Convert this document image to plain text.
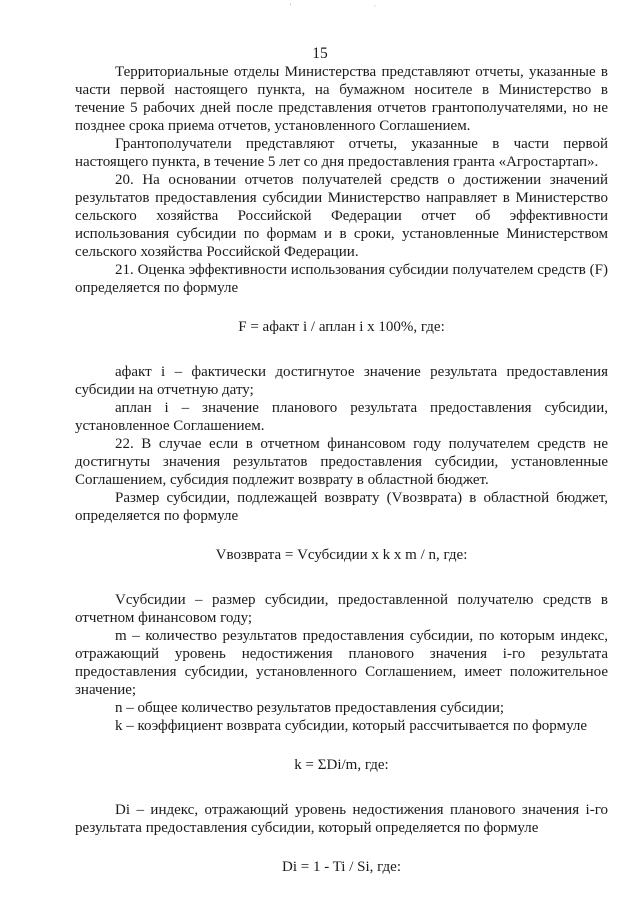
' ·
15

Территориальные отделы Министерства представляют отчеты, указанные в части первой настоящего пункта, на бумажном носителе в Министерство в течение 5 рабочих дней после представления отчетов грантополучателями, но не позднее срока приема отчетов, установленного Соглашением.

Грантополучатели представляют отчеты, указанные в части первой настоящего пункта, в течение 5 лет со дня предоставления гранта «Агростартап».

20. На основании отчетов получателей средств о достижении значений результатов предоставления субсидии Министерство направляет в Министерство сельского хозяйства Российской Федерации отчет об эффективности использования субсидии по формам и в сроки, установленные Министерством сельского хозяйства Российской Федерации.

21. Оценка эффективности использования субсидии получателем средств (F) определяется по формуле

F = афакт i / аплан i х 100%, где:

афакт i – фактически достигнутое значение результата предоставления субсидии на отчетную дату;

аплан i – значение планового результата предоставления субсидии, установленное Соглашением.

22. В случае если в отчетном финансовом году получателем средств не достигнуты значения результатов предоставления субсидии, установленные Соглашением, субсидия подлежит возврату в областной бюджет.

Размер субсидии, подлежащей возврату (Vвозврата) в областной бюджет, определяется по формуле

Vвозврата = Vсубсидии х k х m / n, где:

Vсубсидии – размер субсидии, предоставленной получателю средств в отчетном финансовом году;

m – количество результатов предоставления субсидии, по которым индекс, отражающий уровень недостижения планового значения i-го результата предоставления субсидии, установленного Соглашением, имеет положительное значение;

n – общее количество результатов предоставления субсидии;

k – коэффициент возврата субсидии, который рассчитывается по формуле

k = ΣDi/m, где:

Di – индекс, отражающий уровень недостижения планового значения i-го результата предоставления субсидии, который определяется по формуле

Di = 1 - Ti / Si, где:
